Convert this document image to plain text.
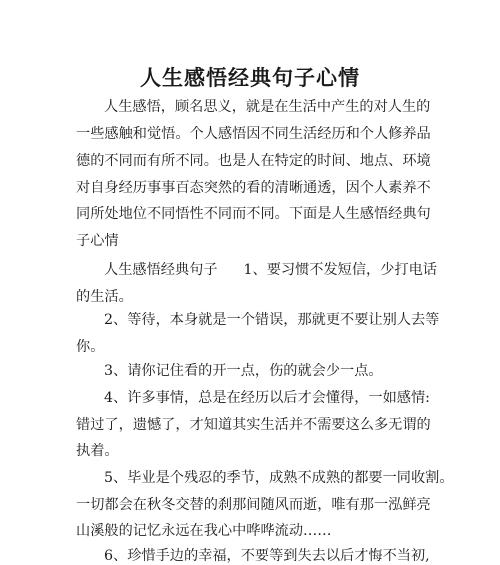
人生感悟经典句子心情
人生感悟，顾名思义，就是在生活中产生的对人生的
一些感触和觉悟。个人感悟因不同生活经历和个人修养品
德的不同而有所不同。也是人在特定的时间、地点、环境
对自身经历事事百态突然的看的清晰通透，因个人素养不
同所处地位不同悟性不同而不同。下面是人生感悟经典句
子心情
人生感悟经典句子 1、要习惯不发短信，少打电话
的生活。
2、等待，本身就是一个错误，那就更不要让别人去等
你。
3、请你记住看的开一点，伤的就会少一点。
4、许多事情，总是在经历以后才会懂得，一如感情:
错过了，遗憾了，才知道其实生活并不需要这么多无谓的
执着。
5、毕业是个残忍的季节，成熟不成熟的都要一同收割。
一切都会在秋冬交替的刹那间随风而逝，唯有那一泓鲜亮
山溪般的记忆永远在我心中哗哗流动……
6、珍惜手边的幸福，不要等到失去以后才悔不当初,
